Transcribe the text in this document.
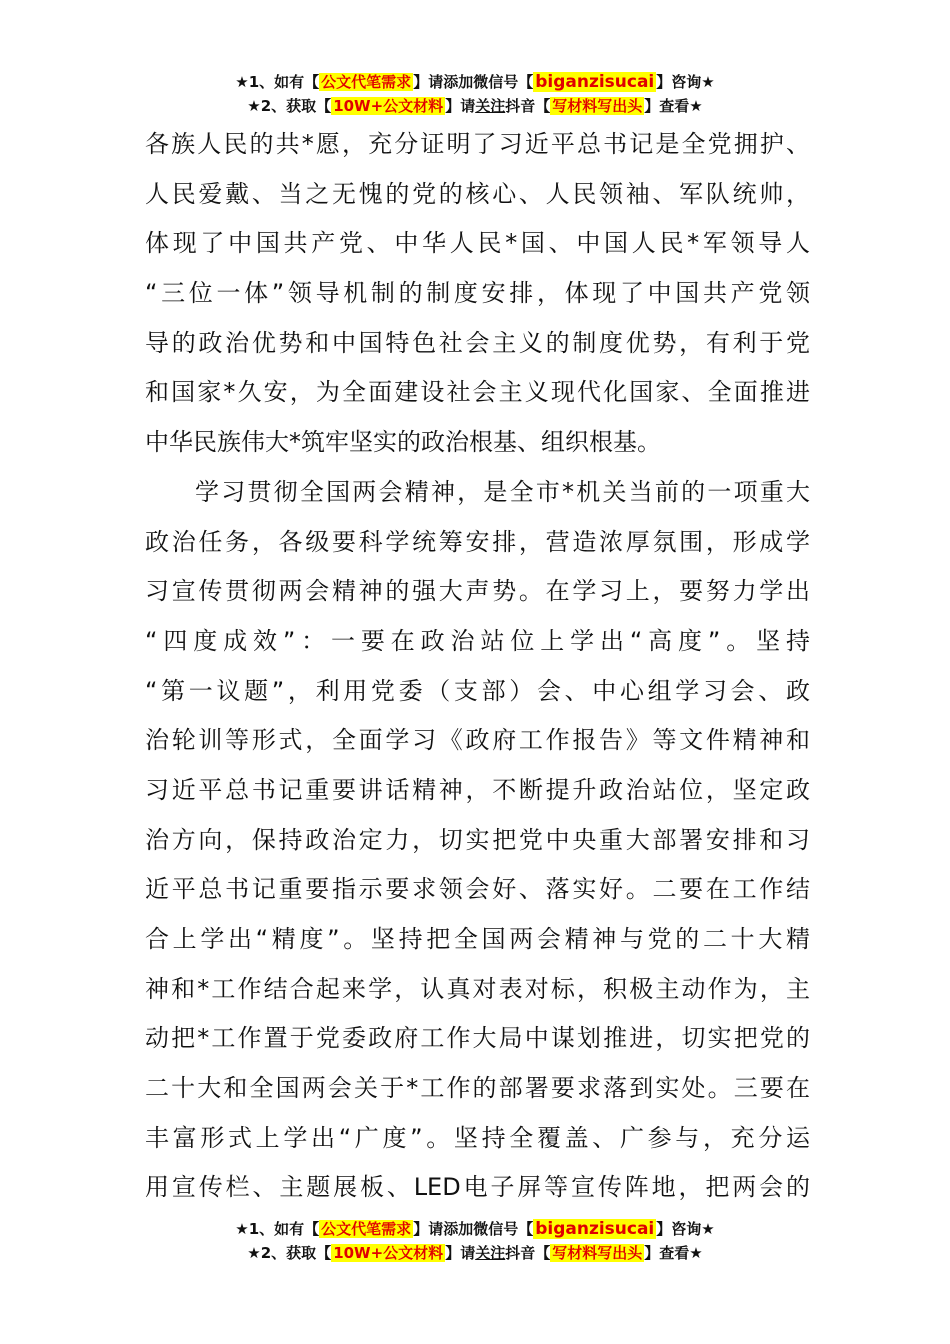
★1、如有【 公文代笔需求 】请添加微信号【 biganzisucai 】咨询★
★2、获取【 10W+公文材料 】请关注抖音【 写材料写出头 】查看★
各族人民的共*愿，充分证明了习近平总书记是全党拥护、
人民爱戴、当之无愧的党的核心、人民领袖、军队统帅，
体现了中国共产党、中华人民*国、中国人民*军领导人
“三位一体”领导机制的制度安排，体现了中国共产党领
导的政治优势和中国特色社会主义的制度优势，有利于党
和国家*久安，为全面建设社会主义现代化国家、全面推进
中华民族伟大*筑牢坚实的政治根基、组织根基。
学习贯彻全国两会精神，是全市*机关当前的一项重大
政治任务，各级要科学统筹安排，营造浓厚氛围，形成学
习宣传贯彻两会精神的强大声势。在学习上，要努力学出
“四度成效”：一要在政治站位上学出“高度”。坚持
“第一议题”，利用党委（支部）会、中心组学习会、政
治轮训等形式，全面学习《政府工作报告》等文件精神和
习近平总书记重要讲话精神，不断提升政治站位，坚定政
治方向，保持政治定力，切实把党中央重大部署安排和习
近平总书记重要指示要求领会好、落实好。二要在工作结
合上学出“精度”。坚持把全国两会精神与党的二十大精
神和*工作结合起来学，认真对表对标，积极主动作为，主
动把*工作置于党委政府工作大局中谋划推进，切实把党的
二十大和全国两会关于*工作的部署要求落到实处。三要在
丰富形式上学出“广度”。坚持全覆盖、广参与，充分运
用宣传栏、主题展板、LED电子屏等宣传阵地，把两会的
★1、如有【 公文代笔需求 】请添加微信号【 biganzisucai 】咨询★
★2、获取【 10W+公文材料 】请关注抖音【 写材料写出头 】查看★
